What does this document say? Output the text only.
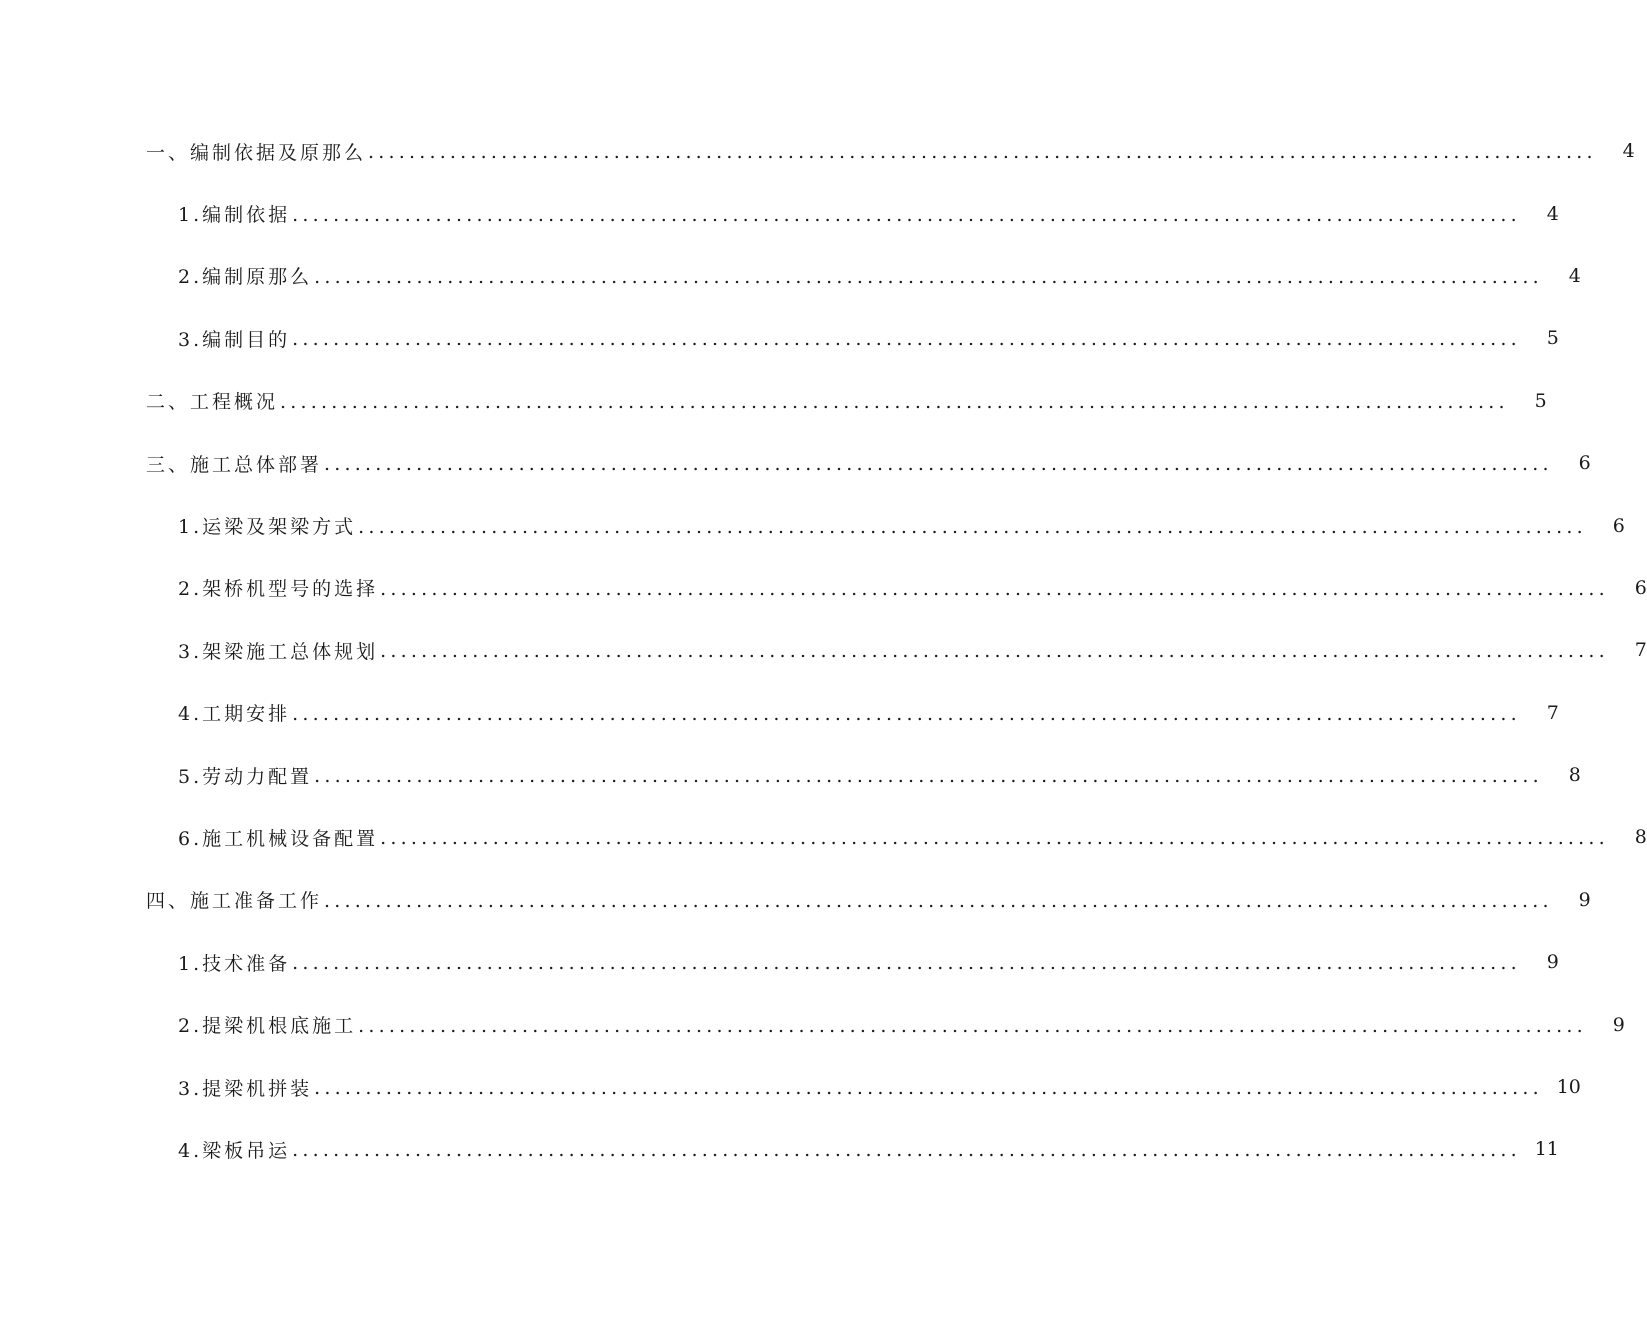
一、编制依据及原那么 ........................................................................................................................	4
1.编制依据 ........................................................................................................................	4
2.编制原那么 ........................................................................................................................	4
3.编制目的 ........................................................................................................................	5
二、工程概况 ........................................................................................................................	5
三、施工总体部署 ........................................................................................................................	6
1.运梁及架梁方式 ........................................................................................................................	6
2.架桥机型号的选择 ........................................................................................................................	6
3.架梁施工总体规划 ........................................................................................................................	7
4.工期安排 ........................................................................................................................	7
5.劳动力配置 ........................................................................................................................	8
6.施工机械设备配置 ........................................................................................................................	8
四、施工准备工作 ........................................................................................................................	9
1.技术准备 ........................................................................................................................	9
2.提梁机根底施工 ........................................................................................................................	9
3.提梁机拼装 ........................................................................................................................ 10
4.梁板吊运 ........................................................................................................................ 11
